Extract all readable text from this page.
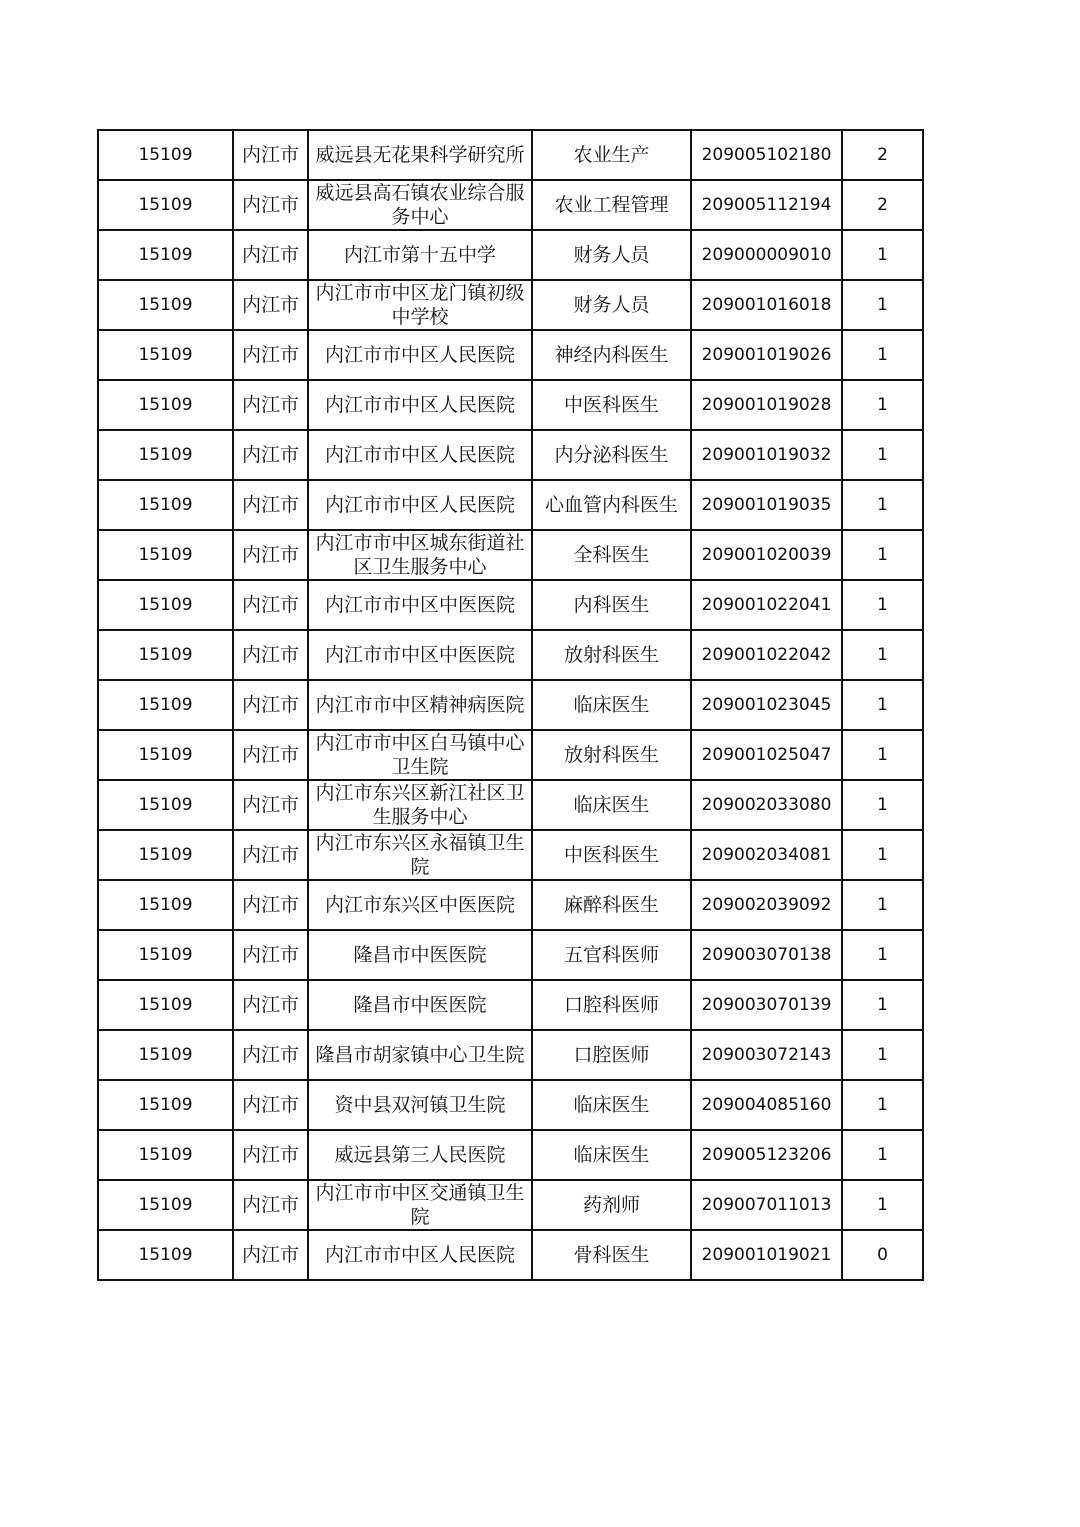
15109	内江市	威远县无花果科学研究所	农业生产	209005102180	2
15109	内江市	威远县高石镇农业综合服务中心	农业工程管理	209005112194	2
15109	内江市	内江市第十五中学	财务人员	209000009010	1
15109	内江市	内江市市中区龙门镇初级中学校	财务人员	209001016018	1
15109	内江市	内江市市中区人民医院	神经内科医生	209001019026	1
15109	内江市	内江市市中区人民医院	中医科医生	209001019028	1
15109	内江市	内江市市中区人民医院	内分泌科医生	209001019032	1
15109	内江市	内江市市中区人民医院	心血管内科医生	209001019035	1
15109	内江市	内江市市中区城东街道社区卫生服务中心	全科医生	209001020039	1
15109	内江市	内江市市中区中医医院	内科医生	209001022041	1
15109	内江市	内江市市中区中医医院	放射科医生	209001022042	1
15109	内江市	内江市市中区精神病医院	临床医生	209001023045	1
15109	内江市	内江市市中区白马镇中心卫生院	放射科医生	209001025047	1
15109	内江市	内江市东兴区新江社区卫生服务中心	临床医生	209002033080	1
15109	内江市	内江市东兴区永福镇卫生院	中医科医生	209002034081	1
15109	内江市	内江市东兴区中医医院	麻醉科医生	209002039092	1
15109	内江市	隆昌市中医医院	五官科医师	209003070138	1
15109	内江市	隆昌市中医医院	口腔科医师	209003070139	1
15109	内江市	隆昌市胡家镇中心卫生院	口腔医师	209003072143	1
15109	内江市	资中县双河镇卫生院	临床医生	209004085160	1
15109	内江市	威远县第三人民医院	临床医生	209005123206	1
15109	内江市	内江市市中区交通镇卫生院	药剂师	209007011013	1
15109	内江市	内江市市中区人民医院	骨科医生	209001019021	0
